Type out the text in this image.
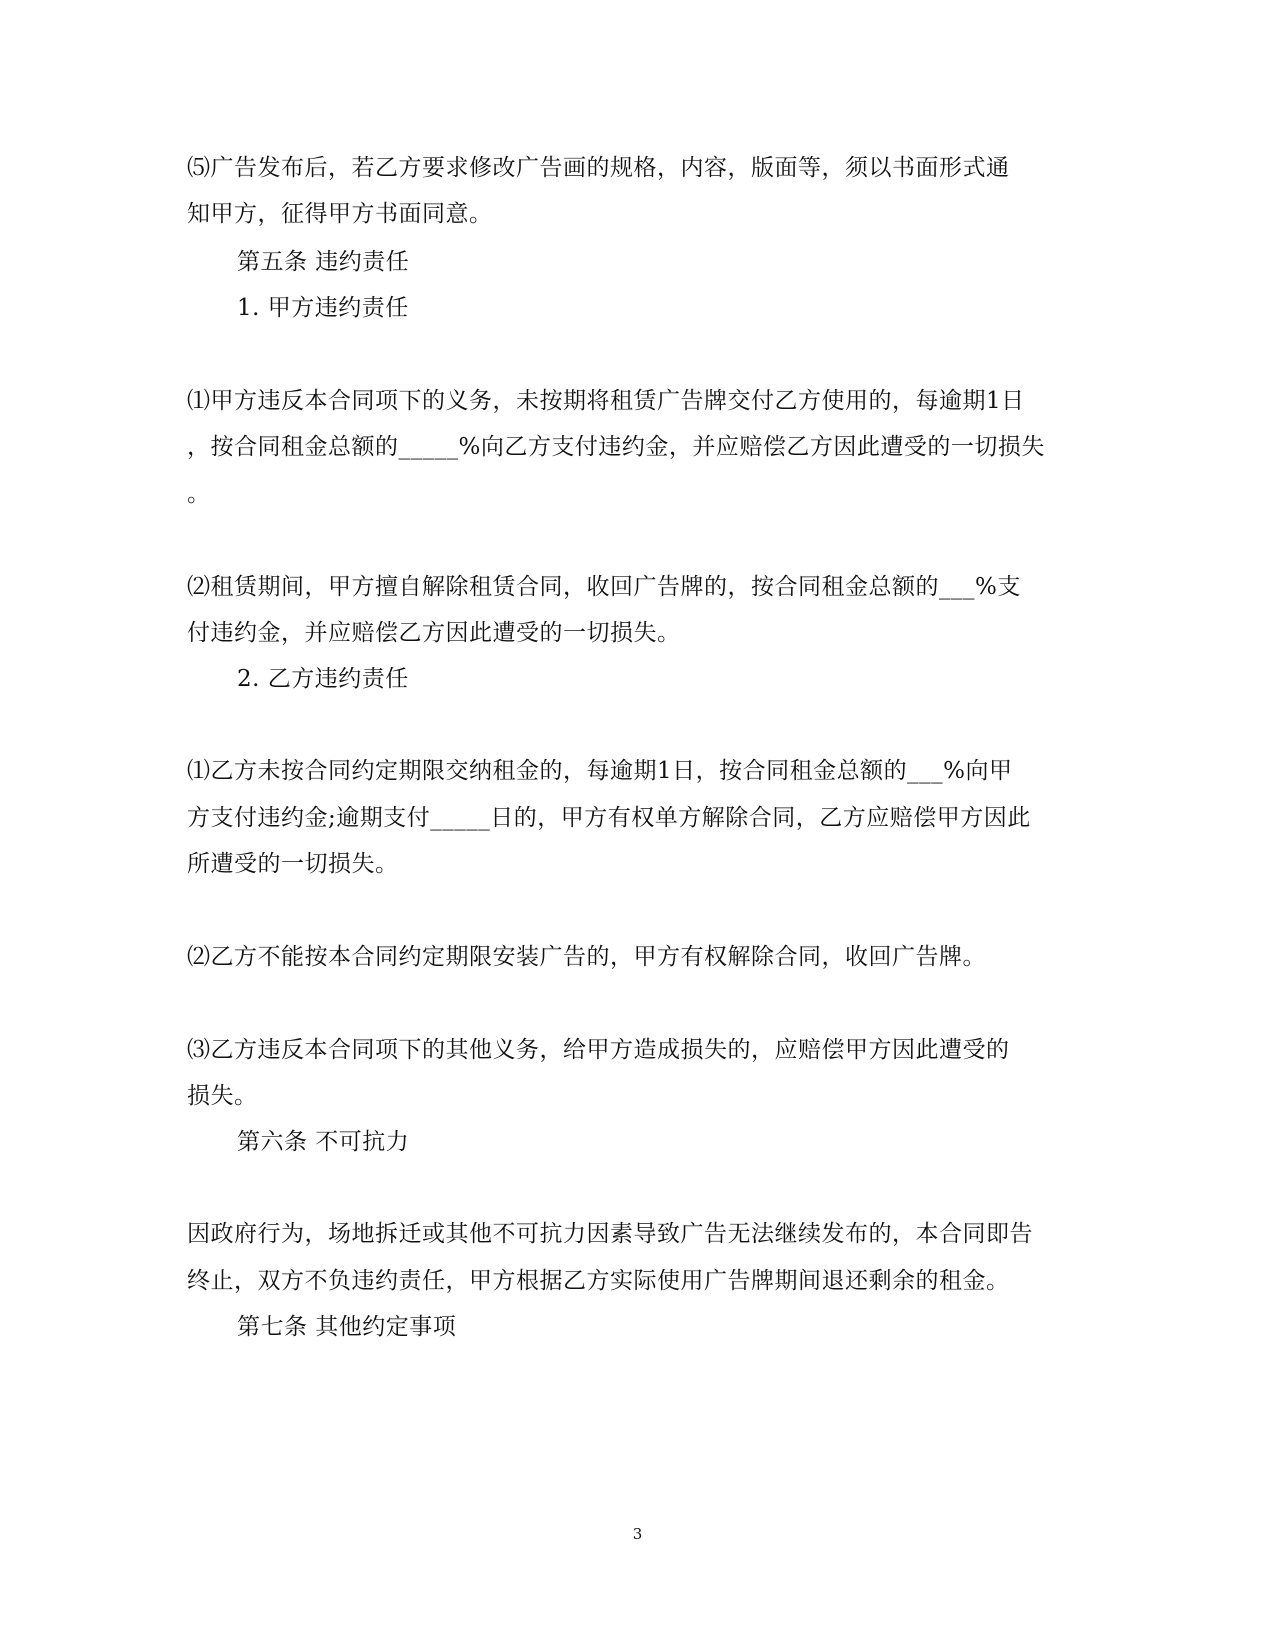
⑸广告发布后，若乙方要求修改广告画的规格，内容，版面等，须以书面形式通
知甲方，征得甲方书面同意。
第五条 违约责任
1. 甲方违约责任
⑴甲方违反本合同项下的义务，未按期将租赁广告牌交付乙方使用的，每逾期1日
，按合同租金总额的_____%向乙方支付违约金，并应赔偿乙方因此遭受的一切损失
。
⑵租赁期间，甲方擅自解除租赁合同，收回广告牌的，按合同租金总额的___%支
付违约金，并应赔偿乙方因此遭受的一切损失。
2. 乙方违约责任
⑴乙方未按合同约定期限交纳租金的，每逾期1日，按合同租金总额的___%向甲
方支付违约金;逾期支付_____日的，甲方有权单方解除合同，乙方应赔偿甲方因此
所遭受的一切损失。
⑵乙方不能按本合同约定期限安装广告的，甲方有权解除合同，收回广告牌。
⑶乙方违反本合同项下的其他义务，给甲方造成损失的，应赔偿甲方因此遭受的
损失。
第六条 不可抗力
因政府行为，场地拆迁或其他不可抗力因素导致广告无法继续发布的，本合同即告
终止，双方不负违约责任，甲方根据乙方实际使用广告牌期间退还剩余的租金。
第七条 其他约定事项
3
